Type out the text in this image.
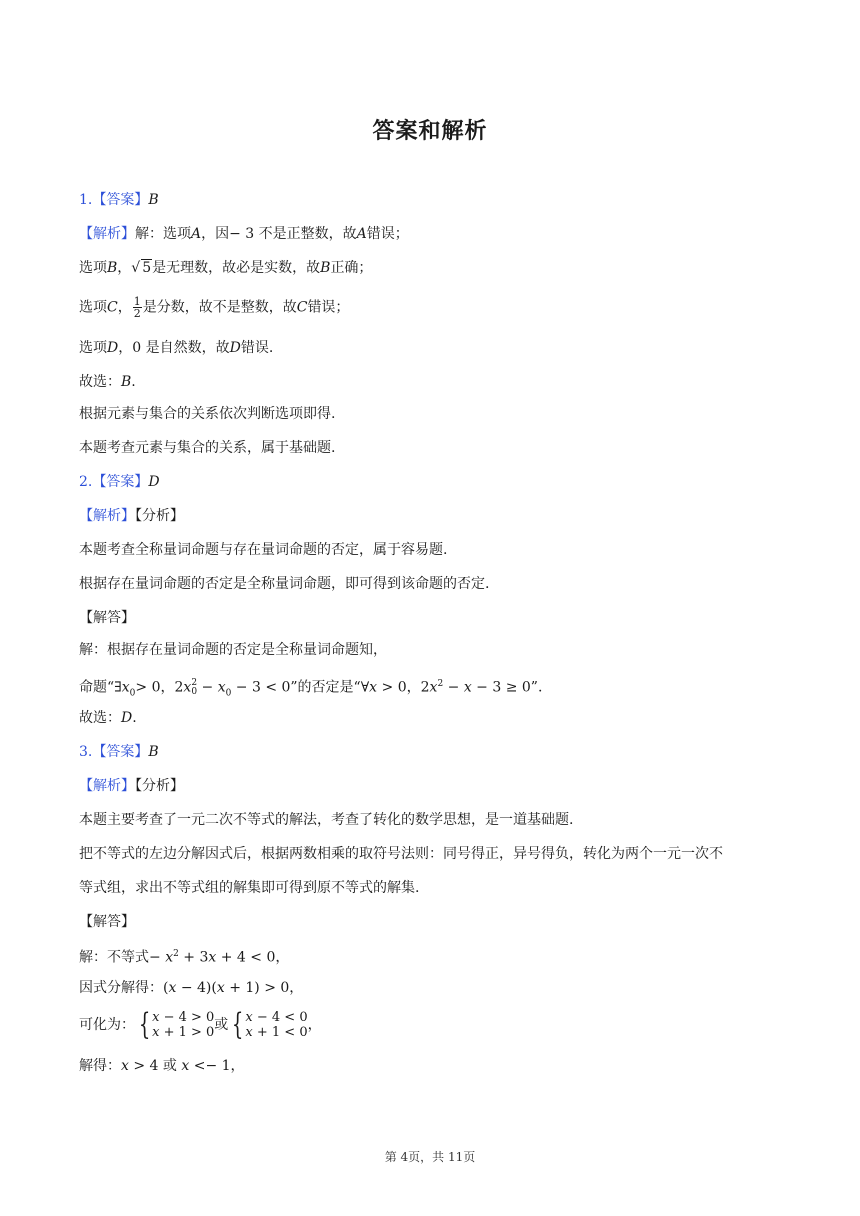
答案和解析
1.【答案】B
【解析】解：选项A，因− 3 不是正整数，故A错误；
选项B，√ 5是无理数，故必是实数，故B正确；
选项C， $\frac{1}{2}$ 是分数，故不是整数，故C错误；
选项D，0 是自然数，故D错误.
故选：B.
根据元素与集合的关系依次判断选项即得.
本题考查元素与集合的关系，属于基础题.
2.【答案】D
【解析】【分析】
本题考查全称量词命题与存在量词命题的否定，属于容易题.
根据存在量词命题的否定是全称量词命题，即可得到该命题的否定.
【解答】
解：根据存在量词命题的否定是全称量词命题知，
命题“$\exists x_0> 0$，2x 2
$0 - x_0 - 3 < 0$”的否定是“∀x > 0，$2x^2 - x - 3 \ge 0$”.
故选：D.
3.【答案】B
【解析】【分析】
本题主要考查了一元二次不等式的解法，考查了转化的数学思想，是一道基础题.
把不等式的左边分解因式后，根据两数相乘的取符号法则：同号得正，异号得负，转化为两个一元一次不
等式组，求出不等式组的解集即可得到原不等式的解集.
【解答】
解：不等式− $x^2 + 3x + 4 < 0$，
因式分解得：(x − 4)(x + 1) > 0，
可化为： { x − 4 > 0
x + 1 > 0 或 { x − 4 < 0
x + 1 < 0 ，
解得：x > 4 或 x <− 1，
第 4页，共 11页
